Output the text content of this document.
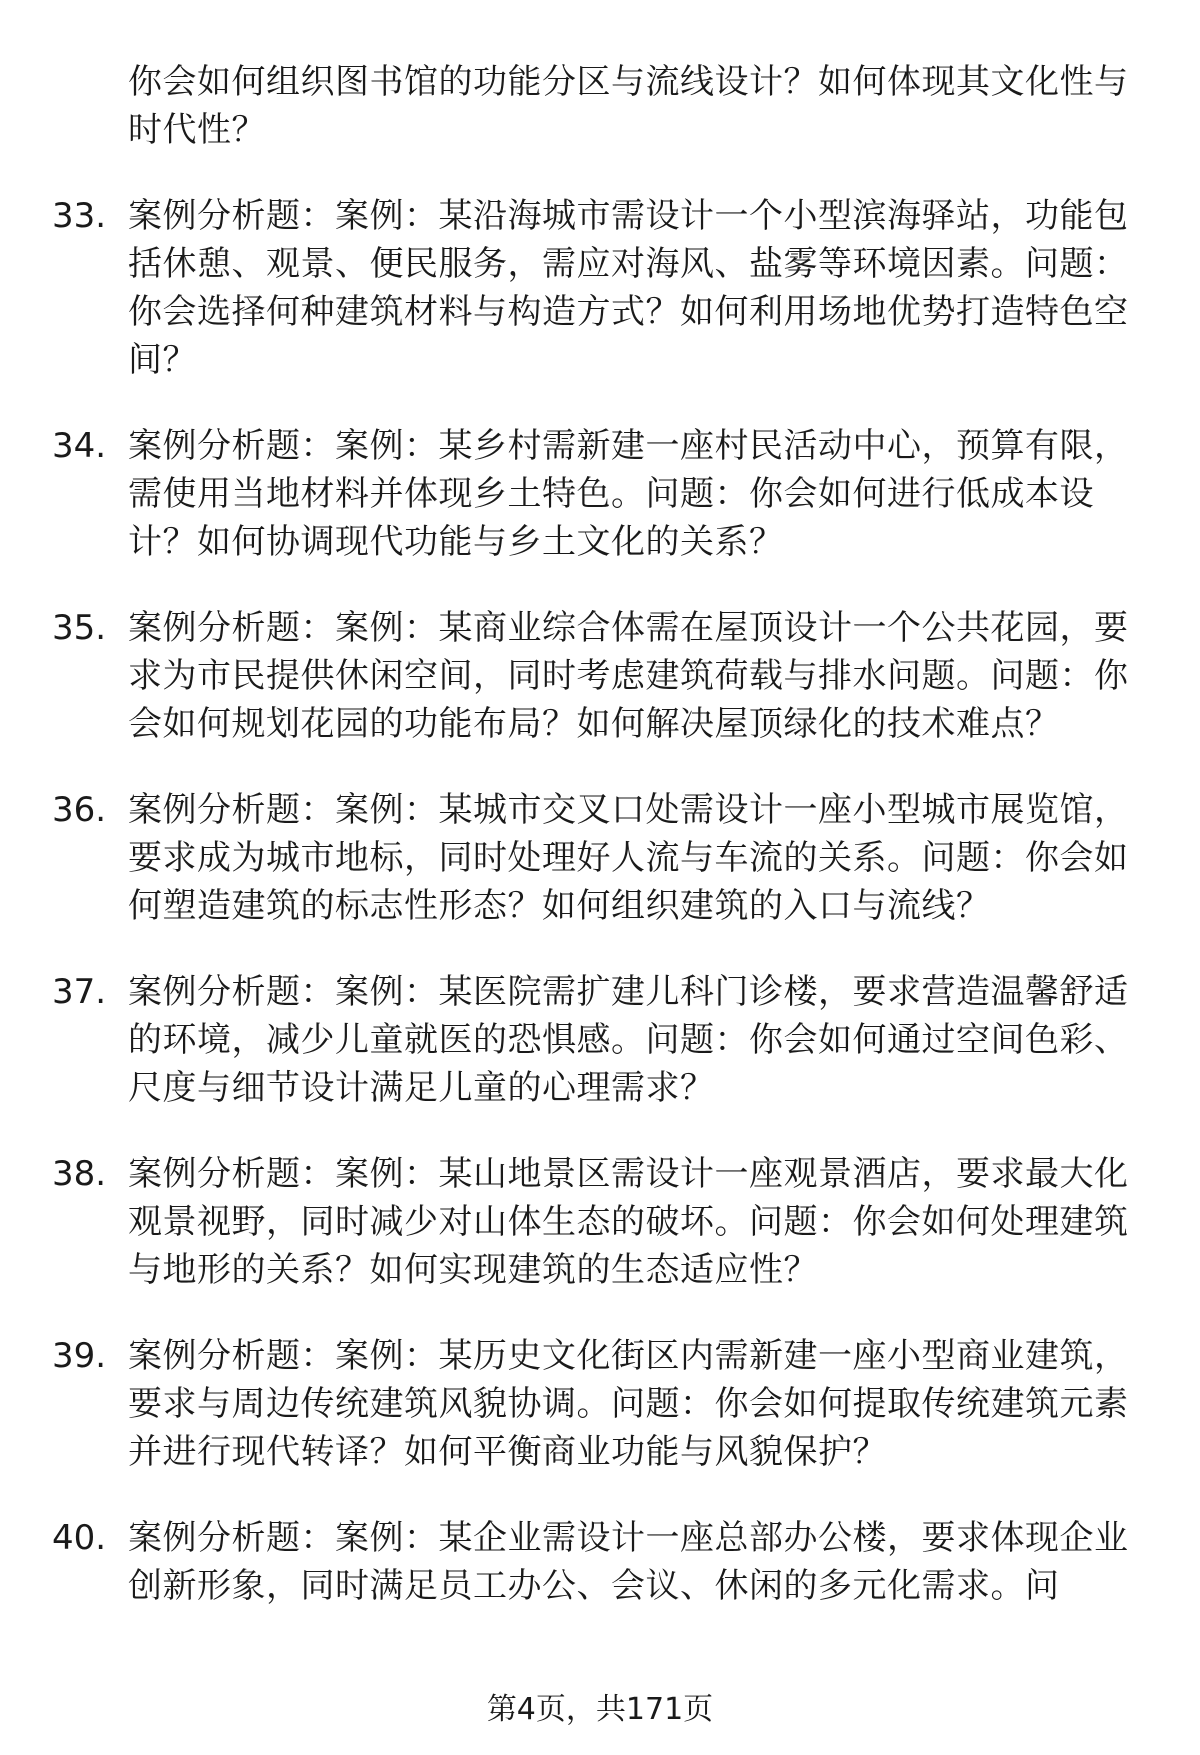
你会如何组织图书馆的功能分区与流线设计？如何体现其文化性与时代性？
33. 案例分析题：案例：某沿海城市需设计一个小型滨海驿站，功能包括休憩、观景、便民服务，需应对海风、盐雾等环境因素。问题：你会选择何种建筑材料与构造方式？如何利用场地优势打造特色空间？
34. 案例分析题：案例：某乡村需新建一座村民活动中心，预算有限，需使用当地材料并体现乡土特色。问题：你会如何进行低成本设计？如何协调现代功能与乡土文化的关系？
35. 案例分析题：案例：某商业综合体需在屋顶设计一个公共花园，要求为市民提供休闲空间，同时考虑建筑荷载与排水问题。问题：你会如何规划花园的功能布局？如何解决屋顶绿化的技术难点？
36. 案例分析题：案例：某城市交叉口处需设计一座小型城市展览馆，要求成为城市地标，同时处理好人流与车流的关系。问题：你会如何塑造建筑的标志性形态？如何组织建筑的入口与流线？
37. 案例分析题：案例：某医院需扩建儿科门诊楼，要求营造温馨舒适的环境，减少儿童就医的恐惧感。问题：你会如何通过空间色彩、尺度与细节设计满足儿童的心理需求？
38. 案例分析题：案例：某山地景区需设计一座观景酒店，要求最大化观景视野，同时减少对山体生态的破坏。问题：你会如何处理建筑与地形的关系？如何实现建筑的生态适应性？
39. 案例分析题：案例：某历史文化街区内需新建一座小型商业建筑，要求与周边传统建筑风貌协调。问题：你会如何提取传统建筑元素并进行现代转译？如何平衡商业功能与风貌保护？
40. 案例分析题：案例：某企业需设计一座总部办公楼，要求体现企业创新形象，同时满足员工办公、会议、休闲的多元化需求。问
第4页，共171页
